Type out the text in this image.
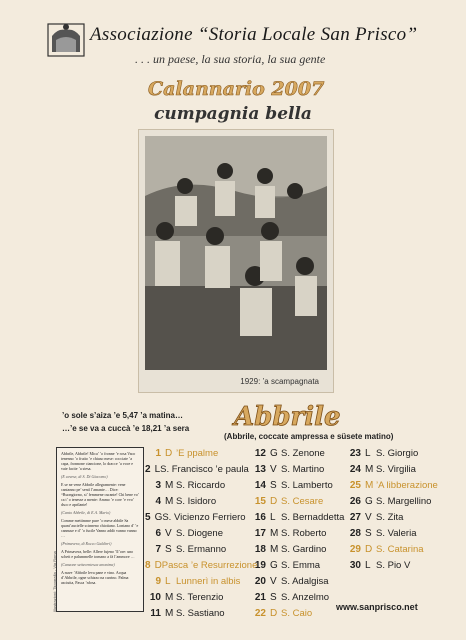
Associazione “Storia Locale San Prisco”
. . . un paese, la sua storia, la sua gente
Calannario 2007
cumpagnia bella
1929: ’a scampagnata
’o sole s’aiza ’e 5,47 ’a matina…
…’e se va a cuccà ’e 18,21 ’a sera Abbrile
(Abbrile, coccate ampressa e süsete matino)

Abbrile, Abbrile! Mica’ ’o fronne ’e rosa Vaco tenenno ’o frutto ’e chiuso mese: cocciate ’a capa, fronnone ciancione, lo dracce ’a voce e vaie facite ’a stesa.

(E cavese, di S. Di Giacomo)

E se ne vene Abbrile allegramente: vene cantanno pe’ sentí l’amante… Dice: “Buongiorno, si’ femmene curante! Chi bene vo’ ca t’ o tenesse a mente: Ammo ’e core ’e vvo’ dsco e aprilante!

(Canto Abbrile, di E.A. Mario)

Comme mettimme pure ’o mese abbile Sa quant’aucielle scinneno chiotiano. Lontano d’ ’e cannuse e d’ ’o fucile Vanno addò vanno vanno …

(Primavera, di Rocco Galdieri)

A Primavera, belle: Allere fujeno ’ll’ore: uno schett e palummelle tornano a fà l’ammore …

(Canzone settecentesca anonima)

A nuve ’Abbrile leva pane e vino. Acqua d’Abbrile, ogne schizzo na carrino. Palma asciutta, Pasca ’nfosa.

Illustrazioni: Tipografia - Via Roma
1 D ’E ppalme
2 L S. Francisco ’e paula
3 M S. Riccardo
4 M S. Isidoro
5 G S. Vicienzo Ferriero
6 V S. Diogene
7 S S. Ermanno
8 D Pasca ’e Resurrezione
9 L Lunnerì in albis
10 M S. Terenzio
11 M S. Sastiano
12 G S. Zenone
13 V S. Martino
14 S S. Lamberto
15 D S. Cesare
16 L S. Bernaddetta
17 M S. Roberto
18 M S. Gardino
19 G S. Emma
20 V S. Adalgisa
21 S S. Anzelmo
22 D S. Caio
23 L S. Giorgio
24 M S. Virgilia
25 M ’A libberazione
26 G S. Margellino
27 V S. Zita
28 S S. Valeria
29 D S. Catarina
30 L S. Pio V
www.sanprisco.net
